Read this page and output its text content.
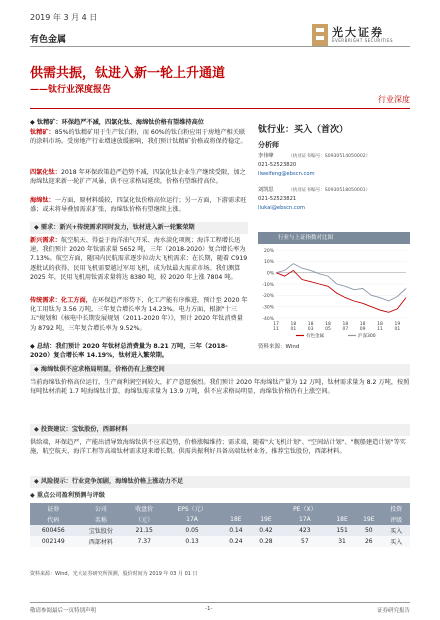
2019 年 3 月 4 日
有色金属
光大证券
EVERBRIGHT SECURITIES
供需共振，钛进入新一轮上升通道
——钛行业深度报告
行业深度
◆ 钛精矿：环保趋严不减，四氯化钛、海绵钛价格有望维持高位
钛精矿：85%的钛精矿用于生产钛白粉，而 60%的钛白粉应用于房地产相关联的涂料市场。受房地产行业增速放缓影响，我们预计钛精矿价格或将保持稳定。
四氯化钛：2018 年环保政策趋严趋势不减，四氯化钛企业生产继续受限，加之海绵钛迎来新一轮扩产风暴，供不应求格局延续，价格有望维持高位。
海绵钛：一方面，原材料缓较，四氯化钛价格高位运行；另一方面，下游需求旺盛；或未将导叠加需求扩张，海绵钛价格有望继续上涨。
◆ 需求：新兴+传统需求同时发力，钛材进入新一轮繁荣期
新兴需求：航空航天、得益于海洋油气开采、海水淡化项规；海洋工程增长迅速，我们预计 2020 年钛需求量 5652 吨，三年（2018-2020）复合增长率为 7.13%。航空方面，随国内民航需求逐步拉动大飞机需求；在长期，随着 C919 逐批试的获得，民用飞机需要越过军用飞机，成为钛最大需求市场。我们测算 2025 年，民用飞机用钛需求量将达 8380 吨，较 2020 年上涨 7804 吨。
传统需求：化工方面，在环保趋严形势下，化工产能有序推进，预计至 2020 年化工用钛为 3.56 万吨，三年复合增长率为 14.23%。电力方面，根据"十三五"规划和《核电中长期发展规划（2011-2020 年）》，预计 2020 年钛消费量为 8792 吨，三年复合增长率为 9.52%。
◆ 总结：我们预计 2020 年钛材总消费量为 8.21 万吨，三年（2018-2020）复合增长率 14.19%，钛材进入繁荣期。
◆ 海绵钛供不应求格局明显，价格仍有上涨空间
当前海绵钛价格高位运行，生产商利润空间较大，扩产意愿强烈。我们预计 2020 年海绵钛产量为 12 万吨，钛材需求量为 8.2 万吨，按照每吨钛材消耗 1.7 吨海绵钛计算，海绵钛需求量为 13.9 万吨，供不应求格局明显，海绵钛价格仍有上涨空间。
◆ 投资建议：宝钛股份，西部材料
供给端，环保趋严，产能出清导致海绵钛供不应求趋势，价格涨幅维持；需求端，随着"大飞机计划"、"空间站计划"、"舰船建造计划"等实施，航空航天、海洋工程等高端钛材需求迎来增长期。供需共振利好具备高端钛材业务，推荐宝钛股份，西部材料。
◆ 风险提示：行业竞争加剧，海绵钛价格上涨动力不足
钛行业：买入（首次）
分析师
李伟峰	（执业证书编号：S0930514050002）
021-52523820
liweifeng@ebscn.com
刘凯思	（执业证书编号：S0930518050001）
021-52523821
liukai@ebscn.com
行业与上证指数对比图
20%
10%
0%
-10%
-20%
-30%
-40%
17
11
18
01
18
03
18
05
18
07
18
09
18
11
19
01
有色金属	沪深300
资料来源：Wind
◆ 重点公司盈利预测与评级
证券	公司	收盘价	EPS（元）			PE（X）			投资
代码	名称	（元）	17A	18E	19E	17A	18E	19E	评级
600456	宝钛股份	21.15	0.05	0.14	0.42	423	151	50	买入
002149	西部材料	7.37	0.13	0.24	0.28	57	31	26	买入
资料来源：Wind，光大证券研究所预测，股价时间为 2019 年 03 月 01 日
敬请参阅最后一页特别声明	-1-	证券研究报告
